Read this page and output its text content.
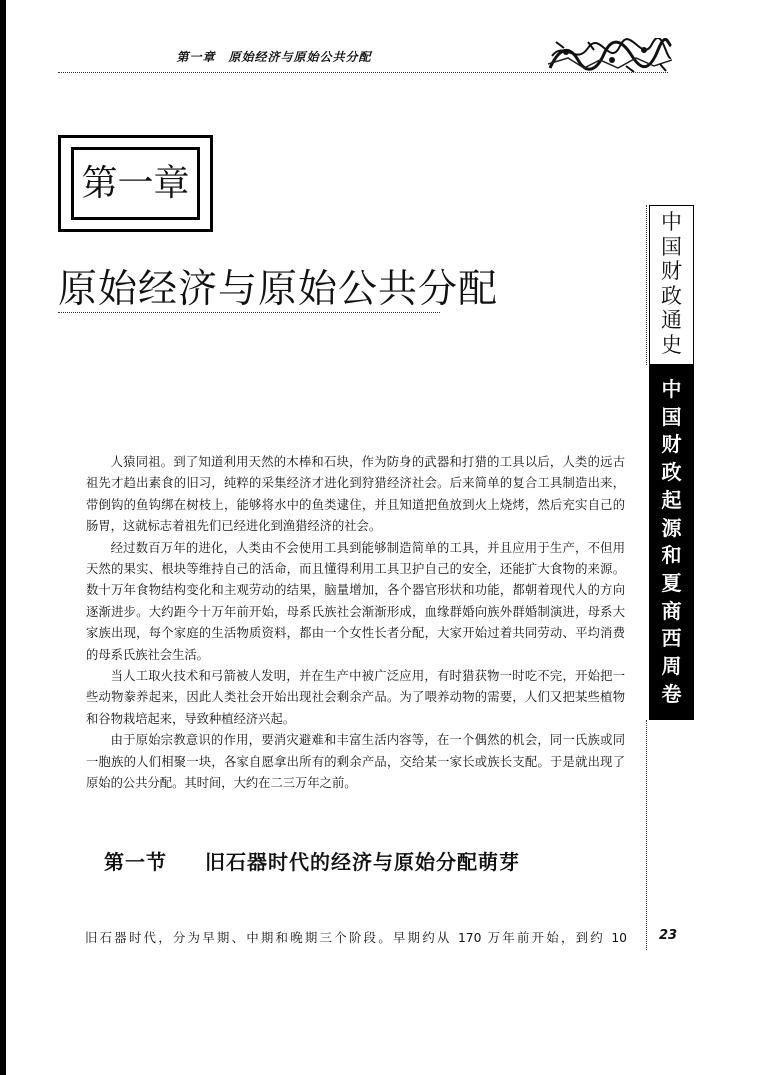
第一章　原始经济与原始公共分配
第一章
原始经济与原始公共分配
中
国
财
政
通
史
中
国
财
政
起
源
和
夏
商
西
周
卷

人猿同祖。到了知道利用天然的木棒和石块，作为防身的武器和打猎的工具以后，人类的远古祖先才趋出素食的旧习，纯粹的采集经济才进化到狩猎经济社会。后来简单的复合工具制造出来，带倒钩的鱼钩绑在树枝上，能够将水中的鱼类逮住，并且知道把鱼放到火上烧烤，然后充实自己的肠胃，这就标志着祖先们已经进化到渔猎经济的社会。

经过数百万年的进化，人类由不会使用工具到能够制造简单的工具，并且应用于生产，不但用天然的果实、根块等维持自己的活命，而且懂得利用工具卫护自己的安全，还能扩大食物的来源。数十万年食物结构变化和主观劳动的结果，脑量增加，各个器官形状和功能，都朝着现代人的方向逐渐进步。大约距今十万年前开始，母系氏族社会渐渐形成，血缘群婚向族外群婚制演进，母系大家族出现，每个家庭的生活物质资料，都由一个女性长者分配，大家开始过着共同劳动、平均消费的母系氏族社会生活。

当人工取火技术和弓箭被人发明，并在生产中被广泛应用，有时猎获物一时吃不完，开始把一些动物豢养起来，因此人类社会开始出现社会剩余产品。为了喂养动物的需要，人们又把某些植物和谷物栽培起来，导致种植经济兴起。

由于原始宗教意识的作用，要消灾避难和丰富生活内容等，在一个偶然的机会，同一氏族或同一胞族的人们相聚一块，各家自愿拿出所有的剩余产品，交给某一家长或族长支配。于是就出现了原始的公共分配。其时间，大约在二三万年之前。

第一节 旧石器时代的经济与原始分配萌芽
旧石器时代，分为早期、中期和晚期三个阶段。早期约从 170 万年前开始，到约 10 23
